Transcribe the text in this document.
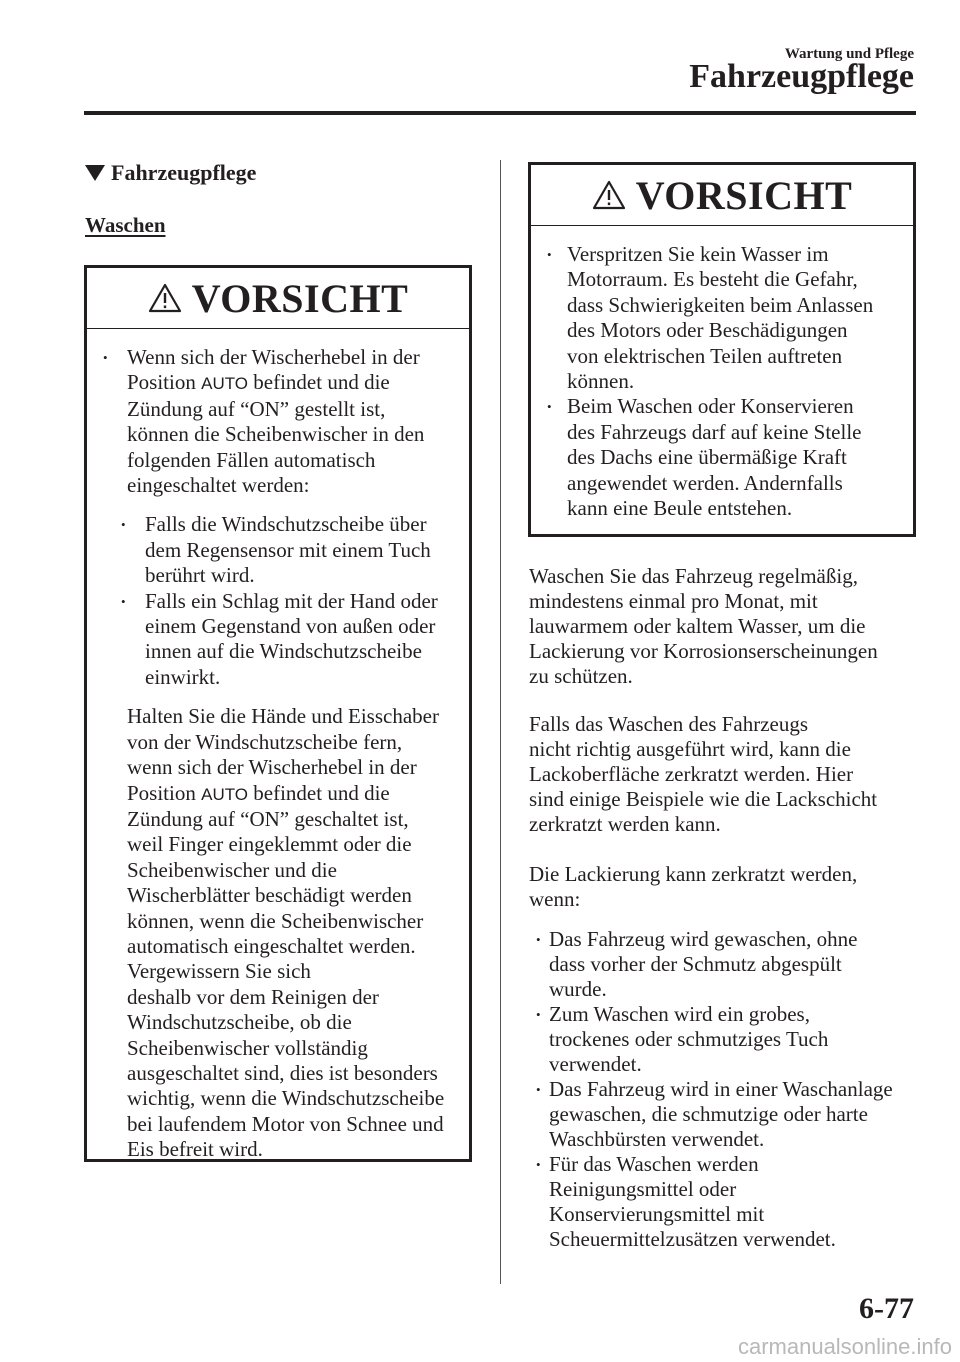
Wartung und Pflege
Fahrzeugpflege
Fahrzeugpflege
Waschen
VORSICHT
• Wenn sich der Wischerhebel in der
Position AUTO befindet und die
Zündung auf “ON” gestellt ist,
können die Scheibenwischer in den
folgenden Fällen automatisch
eingeschaltet werden:
• Falls die Windschutzscheibe über
dem Regensensor mit einem Tuch
berührt wird.
• Falls ein Schlag mit der Hand oder
einem Gegenstand von außen oder
innen auf die Windschutzscheibe
einwirkt.
Halten Sie die Hände und Eisschaber
von der Windschutzscheibe fern,
wenn sich der Wischerhebel in der
Position AUTO befindet und die
Zündung auf “ON” geschaltet ist,
weil Finger eingeklemmt oder die
Scheibenwischer und die
Wischerblätter beschädigt werden
können, wenn die Scheibenwischer
automatisch eingeschaltet werden.
Vergewissern Sie sich
deshalb vor dem Reinigen der
Windschutzscheibe, ob die
Scheibenwischer vollständig
ausgeschaltet sind, dies ist besonders
wichtig, wenn die Windschutzscheibe
bei laufendem Motor von Schnee und
Eis befreit wird.
VORSICHT
• Verspritzen Sie kein Wasser im
Motorraum. Es besteht die Gefahr,
dass Schwierigkeiten beim Anlassen
des Motors oder Beschädigungen
von elektrischen Teilen auftreten
können.
• Beim Waschen oder Konservieren
des Fahrzeugs darf auf keine Stelle
des Dachs eine übermäßige Kraft
angewendet werden. Andernfalls
kann eine Beule entstehen.
Waschen Sie das Fahrzeug regelmäßig,
mindestens einmal pro Monat, mit
lauwarmem oder kaltem Wasser, um die
Lackierung vor Korrosionserscheinungen
zu schützen.
Falls das Waschen des Fahrzeugs
nicht richtig ausgeführt wird, kann die
Lackoberfläche zerkratzt werden. Hier
sind einige Beispiele wie die Lackschicht
zerkratzt werden kann.
Die Lackierung kann zerkratzt werden,
wenn:
• Das Fahrzeug wird gewaschen, ohne
dass vorher der Schmutz abgespült
wurde.
• Zum Waschen wird ein grobes,
trockenes oder schmutziges Tuch
verwendet.
• Das Fahrzeug wird in einer Waschanlage
gewaschen, die schmutzige oder harte
Waschbürsten verwendet.
• Für das Waschen werden
Reinigungsmittel oder
Konservierungsmittel mit
Scheuermittelzusätzen verwendet.
6-77
carmanualsonline.info
